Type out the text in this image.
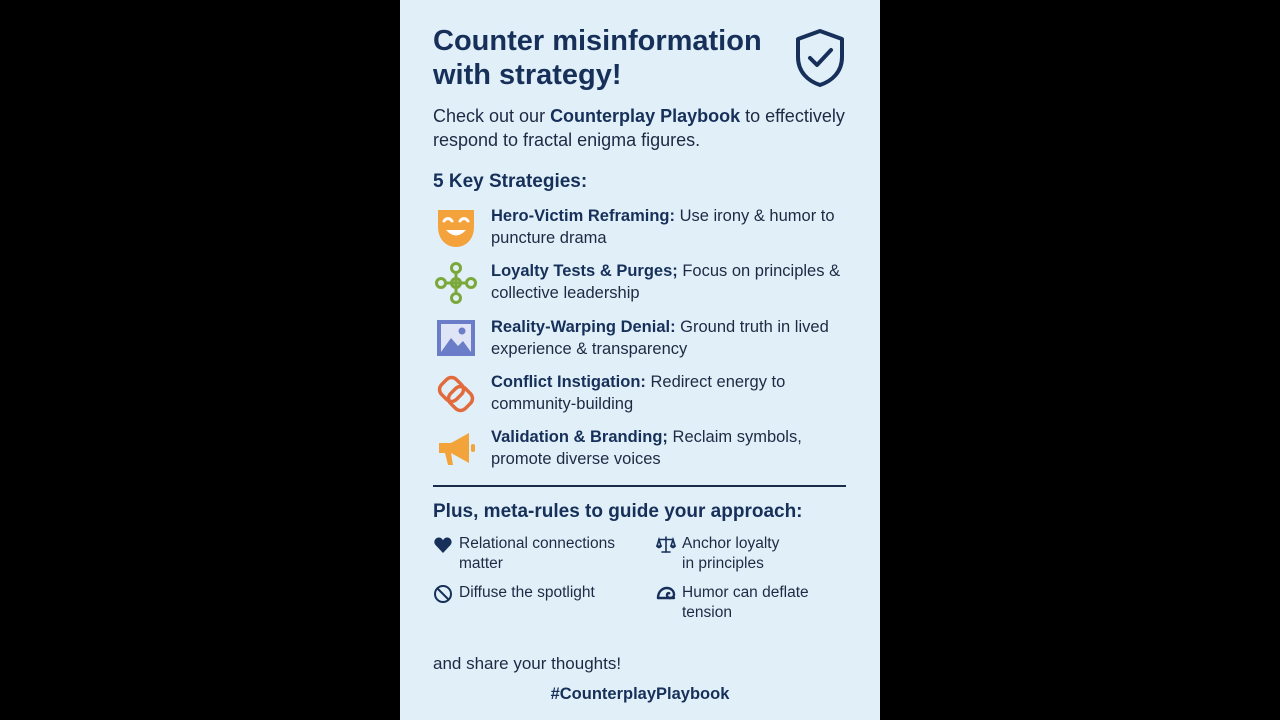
Counter misinformation
with strategy!
Check out our Counterplay Playbook to effectively respond to fractal enigma figures.
5 Key Strategies:
Hero-Victim Reframing: Use irony & humor to puncture drama
Loyalty Tests & Purges; Focus on principles & collective leadership
Reality-Warping Denial: Ground truth in lived experience & transparency
Conflict Instigation: Redirect energy to community-building
Validation & Branding; Reclaim symbols, promote diverse voices
Plus, meta-rules to guide your approach:
Relational connections
matter
Anchor loyalty
in principles
Diffuse the spotlight	Humor can deflate
tension
and share your thoughts!
#CounterplayPlaybook
